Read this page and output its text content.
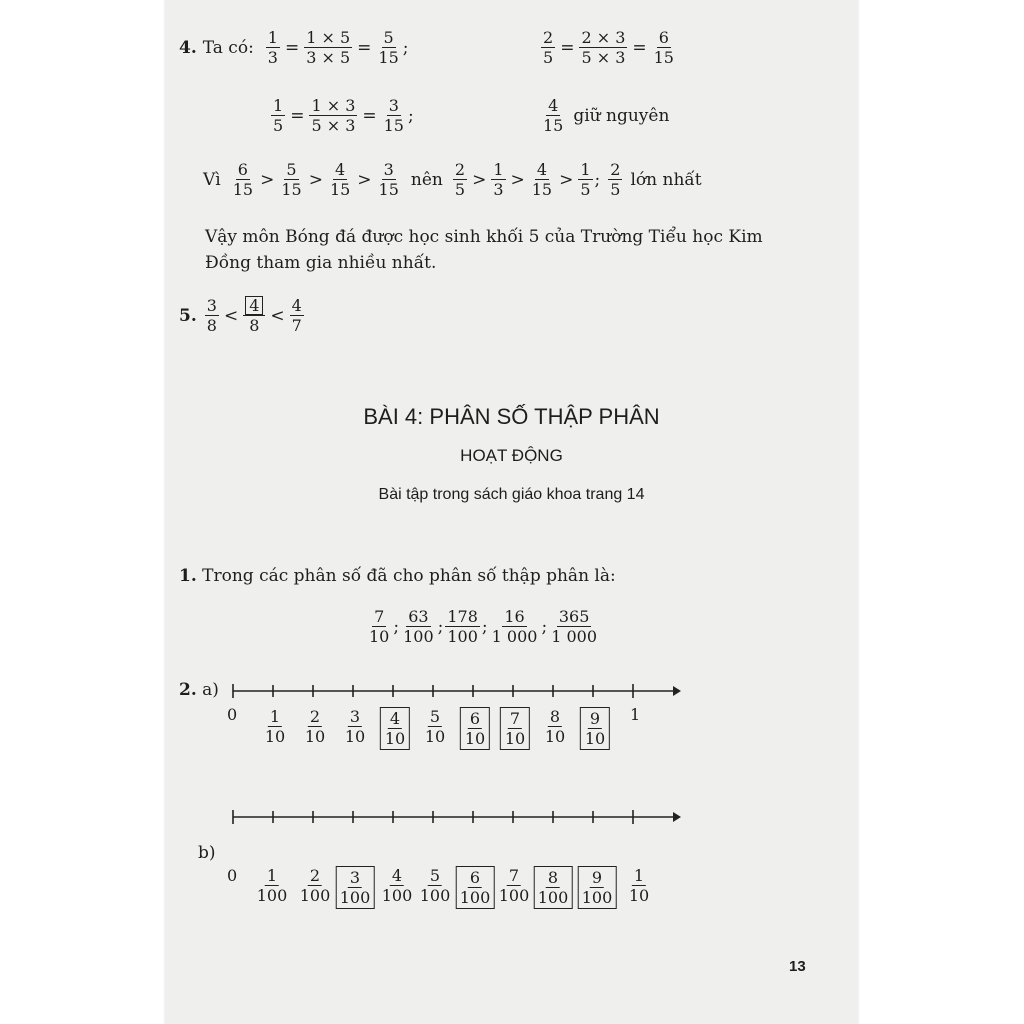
4. Ta có: $\frac{1}{3} = \frac{1 \times 5}{3 \times 5} = \frac{5}{15}$ ;	$\frac{2}{5} = \frac{2 \times 3}{5 \times 3} = \frac{6}{15}$
$\frac{1}{5} = \frac{1 \times 3}{5 \times 3} = \frac{3}{15}$ ;	$\frac{4}{15}$ giữ nguyên
Vì $\frac{6}{15} > \frac{5}{15} > \frac{4}{15} > \frac{3}{15}$ nên $\frac{2}{5} > \frac{1}{3} > \frac{4}{15} > \frac{1}{5}$ ; $\frac{2}{5}$ lớn nhất
Vậy môn Bóng đá được học sinh khối 5 của Trường Tiểu học Kim
Đồng tham gia nhiều nhất.
5. $\frac{3}{8} < \frac{4}{8} < \frac{4}{7}$
BÀI 4: PHÂN SỐ THẬP PHÂN
HOẠT ĐỘNG
Bài tập trong sách giáo khoa trang 14
1. Trong các phân số đã cho phân số thập phân là:
$\frac{7}{10}$ ; $\frac{63}{100}$ ; $\frac{178}{100}$ ; $\frac{16}{1 000}$ ; $\frac{365}{1 000}$
2. a)
b)
$0 \frac{1}{10} \frac{2}{10} \frac{3}{10} \frac{4}{10} \frac{5}{10} \frac{6}{10} \frac{7}{10} \frac{8}{10} \frac{9}{10} 1$
$0 \frac{1}{100} \frac{2}{100} \frac{3}{100} \frac{4}{100} \frac{5}{100} \frac{6}{100} \frac{7}{100} \frac{8}{100} \frac{9}{100} \frac{1}{10}$
13
